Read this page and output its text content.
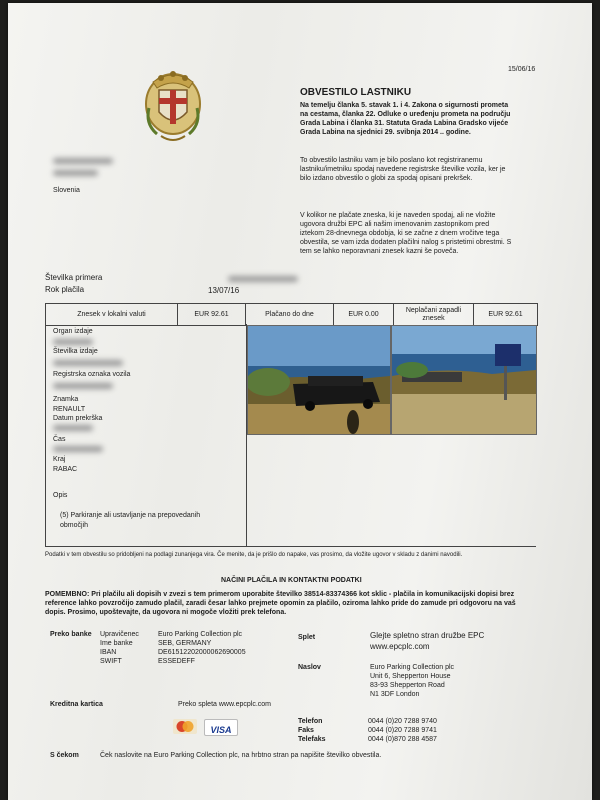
15/06/16
OBVESTILO LASTNIKU
Na temelju članka 5. stavak 1. i 4. Zakona o sigurnosti prometa
na cestama, članka 22. Odluke o uređenju prometa na području
Grada Labina i članka 31. Statuta Grada Labina Gradsko vijeće
Grada Labina na sjednici 29. svibnja 2014 .. godine.
Slovenia
To obvestilo lastniku vam je bilo poslano kot registriranemu
lastniku/imetniku spodaj navedene registrske številke vozila, ker je
bilo izdano obvestilo o globi za spodaj opisani prekršek.
V kolikor ne plačate zneska, ki je naveden spodaj, ali ne vložite
ugovora družbi EPC ali našim imenovanim zastopnikom pred
iztekom 28-dnevnega obdobja, ki se začne z dnem vročitve tega
obvestila, se vam izda dodaten plačilni nalog s pristetimi obrestmi. S
tem se lahko neporavnani znesek kazni še poveča.
Številka primera
Rok plačila	13/07/16
Znesek v lokalni valuti	EUR 92.61	Plačano do dne	EUR 0.00
Neplačani zapadli znesek
EUR 92.61
Organ izdaje
Številka izdaje
Registrska oznaka vozila
Znamka
RENAULT
Datum prekrška
Čas
Kraj
RABAC
Opis
(5) Parkiranje ali ustavljanje na prepovedanih
območjih
Podatki v tem obvestilu so pridobljeni na podlagi zunanjega vira. Če menite, da je prišlo do napake, vas prosimo, da vložite ugovor v skladu z danimi navodili.
NAČINI PLAČILA IN KONTAKTNI PODATKI
POMEMBNO: Pri plačilu ali dopisih v zvezi s tem primerom uporabite številko 38514-83374366 kot sklic - plačila in komunikacijski dopisi brez
reference lahko povzročijo zamudo plačil, zaradi česar lahko prejmete opomin za plačilo, oziroma lahko pride do zamude pri odgovoru na vaš
dopis. Prosimo, upoštevajte, da ugovora ni mogoče vložiti prek telefona.
Preko banke Upravičenec	Euro Parking Collection plc
Ime banke	SEB, GERMANY
IBAN	DE61512202000062690005
SWIFT	ESSEDEFF
Splet	Glejte spletno stran družbe EPC
www.epcplc.com
Naslov	Euro Parking Collection plc
Unit 6, Shepperton House
83-93 Shepperton Road
N1 3DF London
Kreditna kartica	Preko spleta www.epcplc.com
VISA
Telefon	0044 (0)20 7288 9740
Faks	0044 (0)20 7288 9741
Telefaks	0044 (0)870 288 4587
S čekom	Ček naslovite na Euro Parking Collection plc, na hrbtno stran pa napišite številko obvestila.
